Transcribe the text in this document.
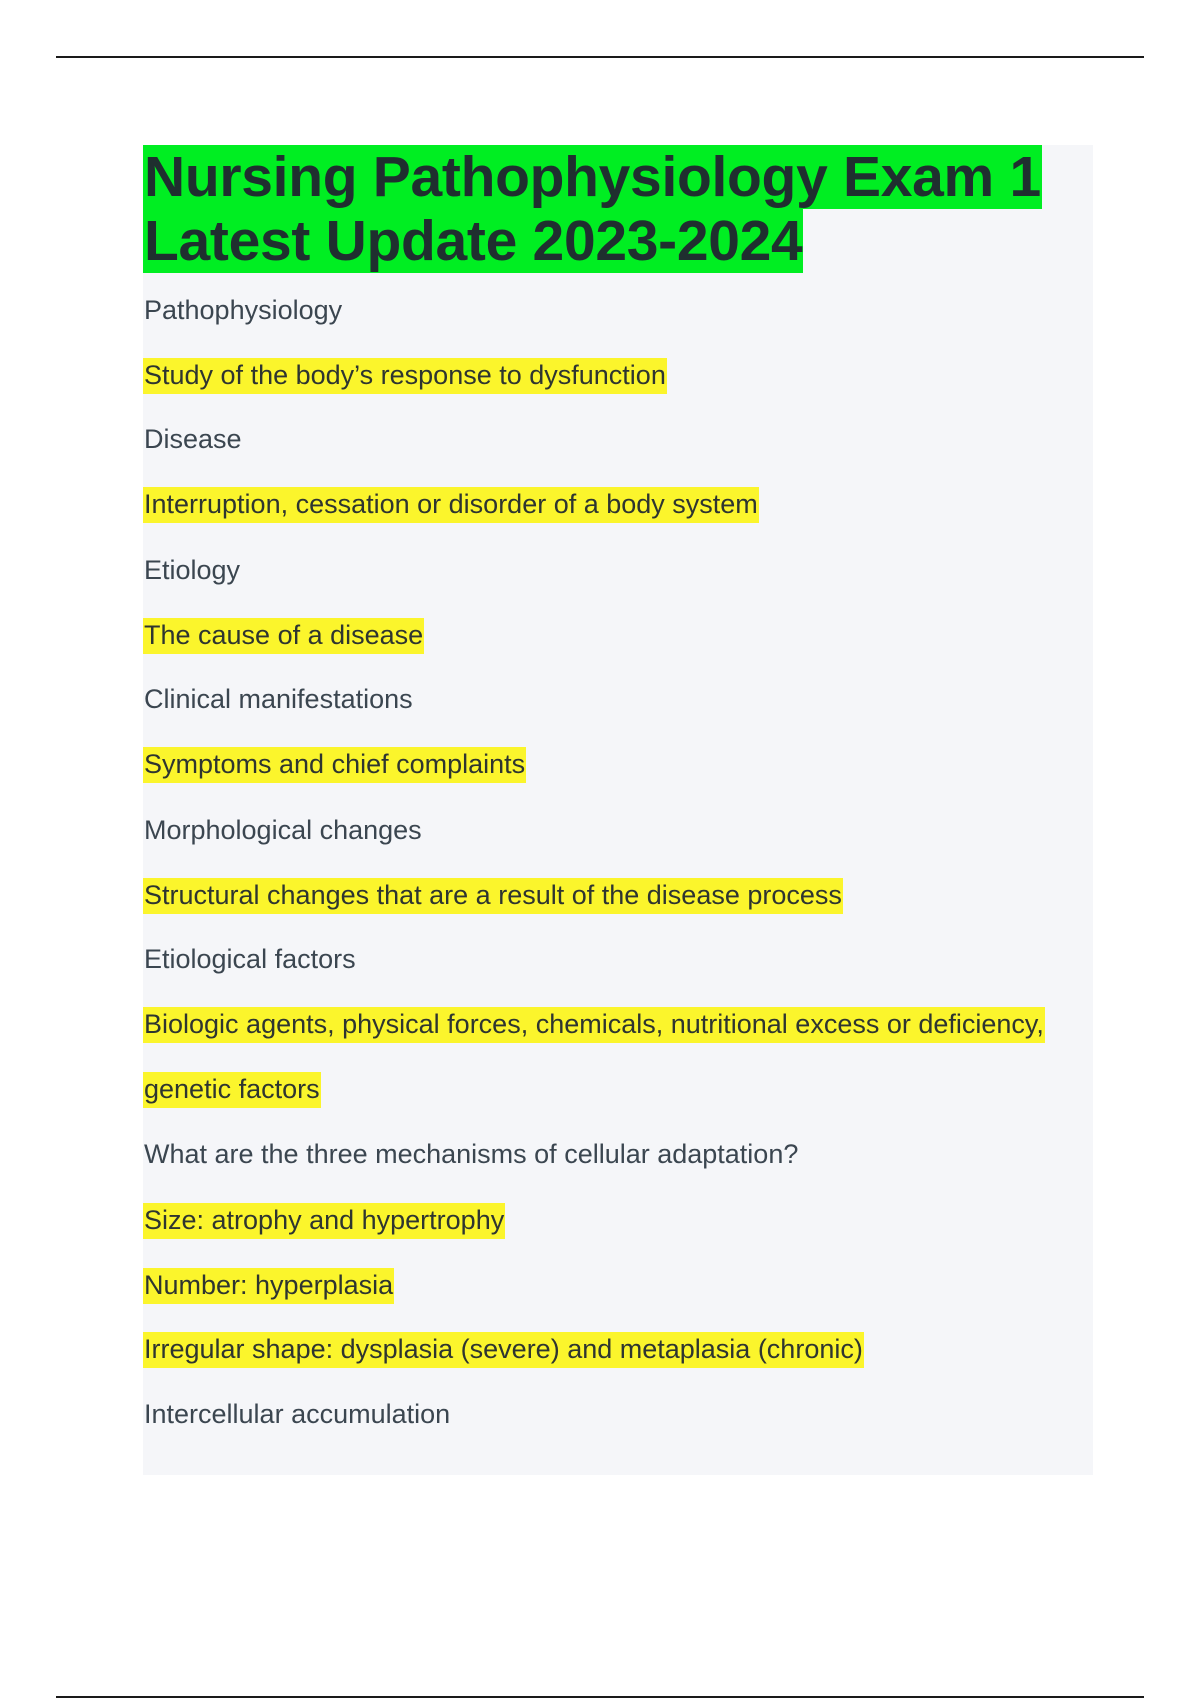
Nursing Pathophysiology Exam 1
Latest Update 2023-2024
Pathophysiology
Study of the body’s response to dysfunction
Disease
Interruption, cessation or disorder of a body system
Etiology
The cause of a disease
Clinical manifestations
Symptoms and chief complaints
Morphological changes
Structural changes that are a result of the disease process
Etiological factors
Biologic agents, physical forces, chemicals, nutritional excess or deficiency,
genetic factors
What are the three mechanisms of cellular adaptation?
Size: atrophy and hypertrophy
Number: hyperplasia
Irregular shape: dysplasia (severe) and metaplasia (chronic)
Intercellular accumulation
